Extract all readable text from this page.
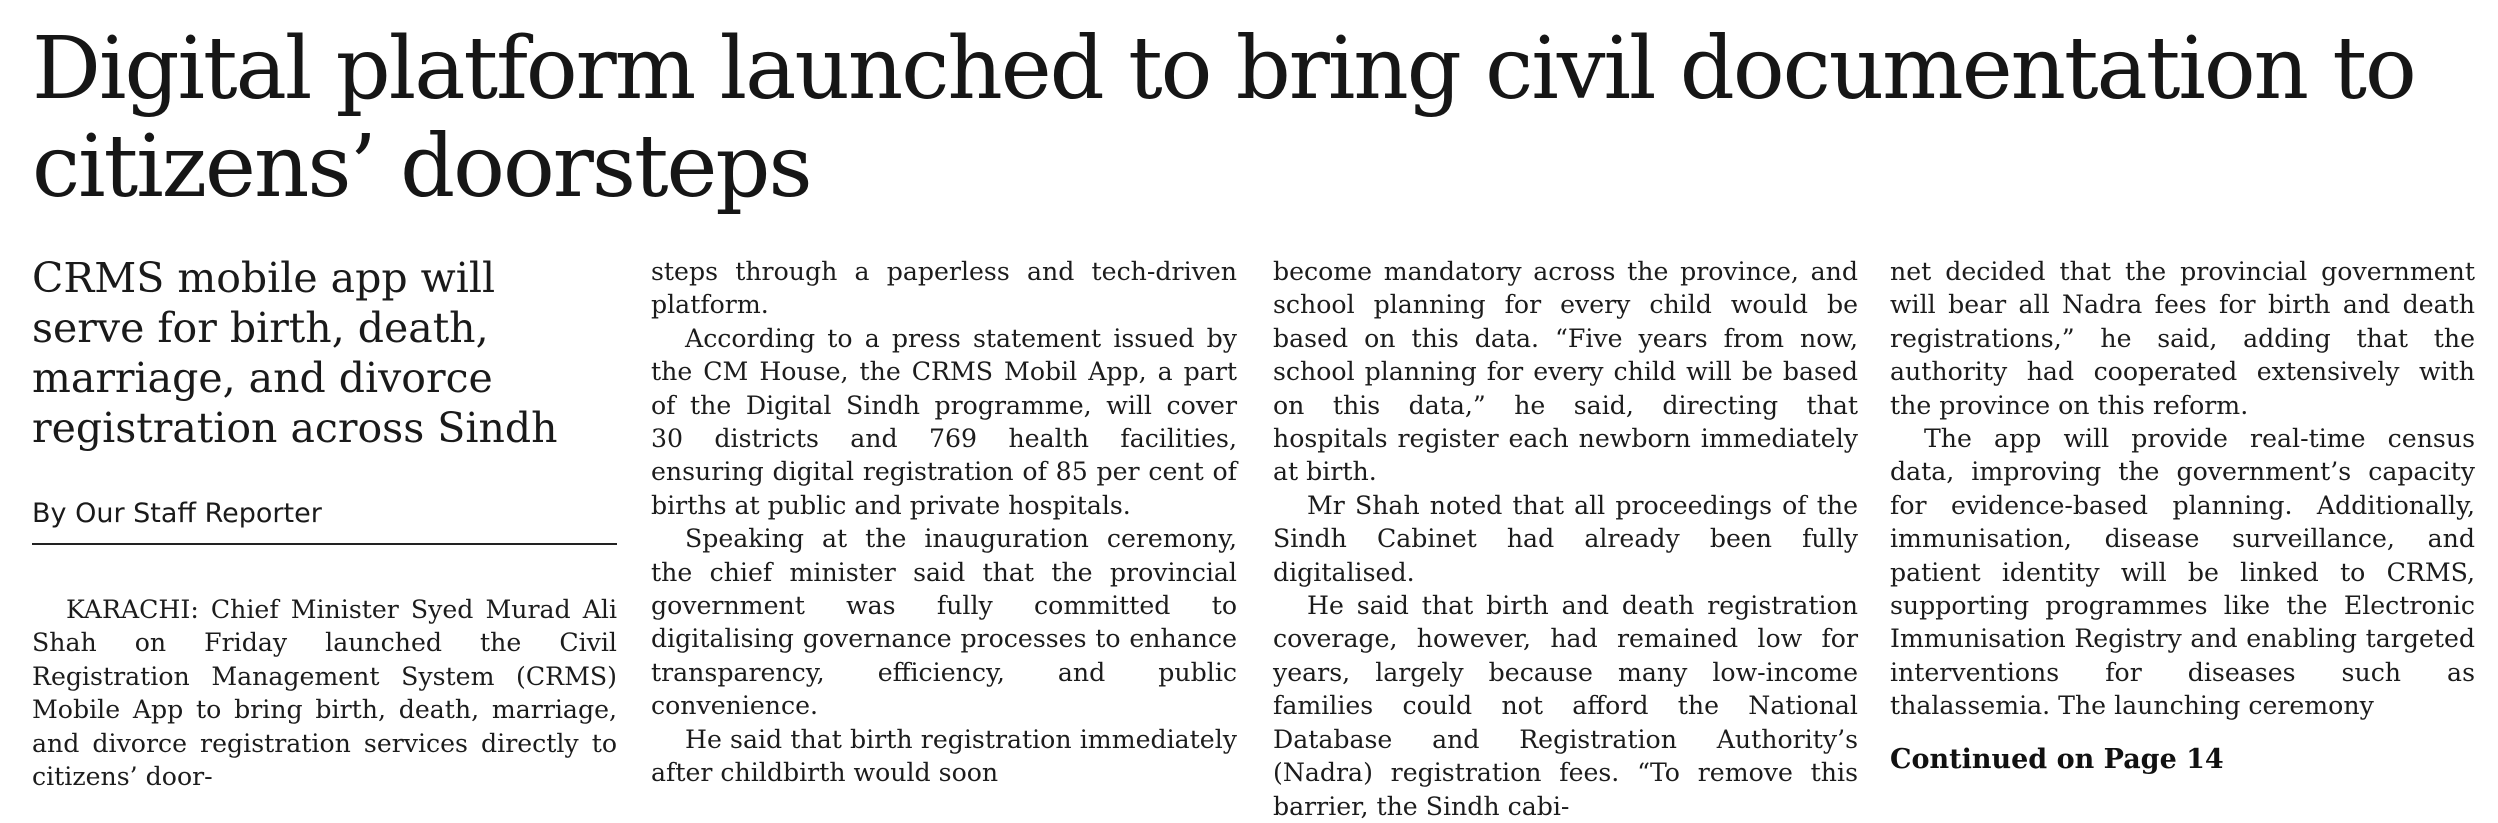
Digital platform launched to bring civil documentation to citizens’ doorsteps
CRMS mobile app will serve for birth, death, marriage, and divorce registration across Sindh
By Our Staff Reporter

KARACHI: Chief Minister Syed Murad Ali Shah on Friday launched the Civil Registration Management System (CRMS) Mobile App to bring birth, death, marriage, and divorce registration services directly to citizens’ door-

steps through a paperless and tech-driven platform.

According to a press statement issued by the CM House, the CRMS Mobil App, a part of the Digital Sindh programme, will cover 30 districts and 769 health facilities, ensuring digital registration of 85 per cent of births at public and private hospitals.

Speaking at the inauguration ceremony, the chief minister said that the provincial government was fully committed to digitalising governance processes to enhance transparency, efficiency, and public convenience.

He said that birth registration immediately after childbirth would soon

become mandatory across the province, and school planning for every child would be based on this data. “Five years from now, school planning for every child will be based on this data,” he said, directing that hospitals register each newborn immediately at birth.

Mr Shah noted that all proceedings of the Sindh Cabinet had already been fully digitalised.

He said that birth and death registration coverage, however, had remained low for years, largely because many low-income families could not afford the National Database and Registration Authority’s (Nadra) registration fees. “To remove this barrier, the Sindh cabi-

net decided that the provincial government will bear all Nadra fees for birth and death registrations,” he said, adding that the authority had cooperated extensively with the province on this reform.

The app will provide real-time census data, improving the government’s capacity for evidence-based planning. Additionally, immunisation, disease surveillance, and patient identity will be linked to CRMS, supporting programmes like the Electronic Immunisation Registry and enabling targeted interventions for diseases such as thalassemia. The launching ceremony

Continued on Page 14
